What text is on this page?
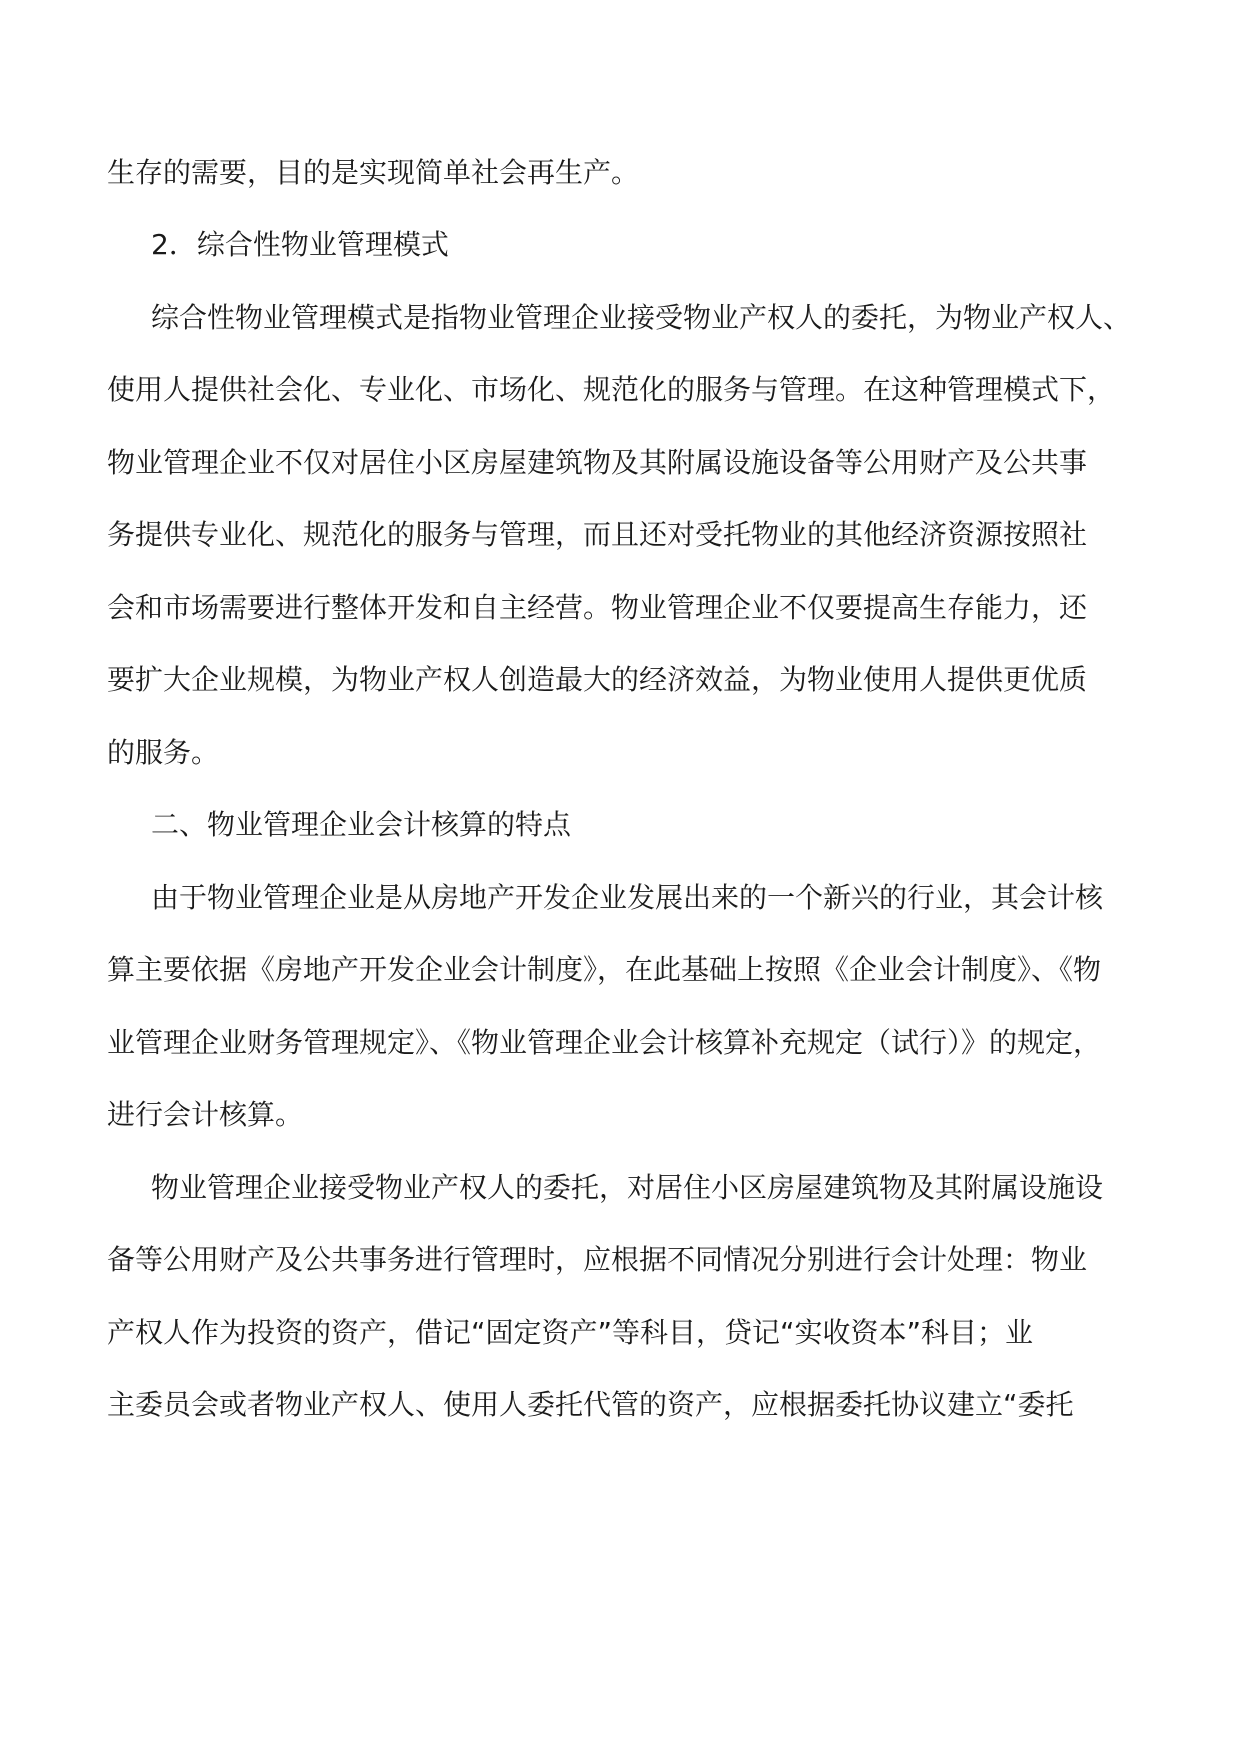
生存的需要，目的是实现简单社会再生产。
2．综合性物业管理模式
综合性物业管理模式是指物业管理企业接受物业产权人的委托，为物业产权人、
使用人提供社会化、专业化、市场化、规范化的服务与管理。在这种管理模式下，
物业管理企业不仅对居住小区房屋建筑物及其附属设施设备等公用财产及公共事
务提供专业化、规范化的服务与管理，而且还对受托物业的其他经济资源按照社
会和市场需要进行整体开发和自主经营。物业管理企业不仅要提高生存能力，还
要扩大企业规模，为物业产权人创造最大的经济效益，为物业使用人提供更优质
的服务。
二、物业管理企业会计核算的特点
由于物业管理企业是从房地产开发企业发展出来的一个新兴的行业，其会计核
算主要依据《房地产开发企业会计制度》，在此基础上按照《企业会计制度》、《物
业管理企业财务管理规定》、《物业管理企业会计核算补充规定（试行）》的规定，
进行会计核算。
物业管理企业接受物业产权人的委托，对居住小区房屋建筑物及其附属设施设
备等公用财产及公共事务进行管理时，应根据不同情况分别进行会计处理：物业
产权人作为投资的资产，借记“固定资产”等科目，贷记“实收资本”科目；业
主委员会或者物业产权人、使用人委托代管的资产，应根据委托协议建立“委托
